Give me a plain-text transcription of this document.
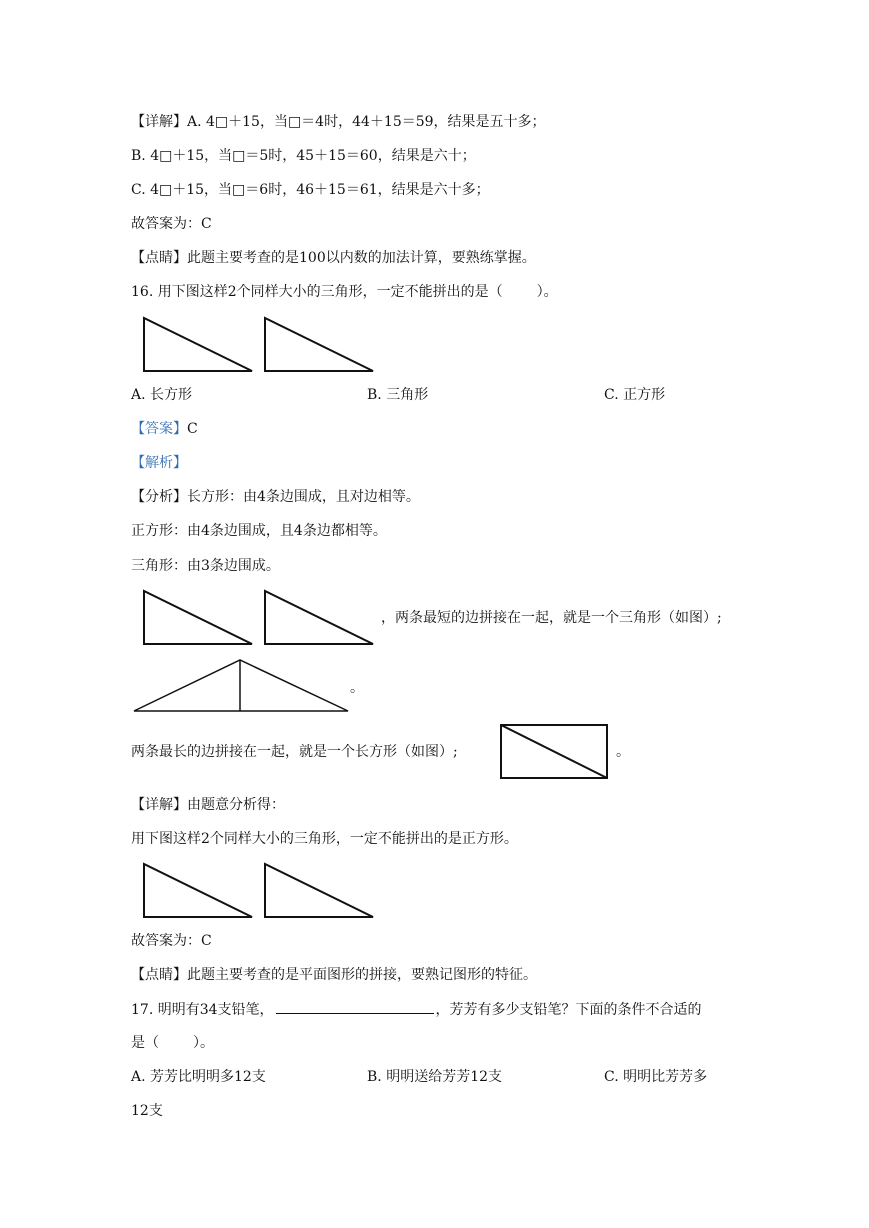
【详解】A. 4□＋15，当□＝4时，44＋15＝59，结果是五十多；
B. 4□＋15，当□＝5时，45＋15＝60，结果是六十；
C. 4□＋15，当□＝6时，46＋15＝61，结果是六十多；
故答案为：C
【点睛】此题主要考查的是100以内数的加法计算，要熟练掌握。
16. 用下图这样2个同样大小的三角形，一定不能拼出的是（ ）。
A. 长方形	B. 三角形	C. 正方形
【答案】C
【解析】
【分析】长方形：由4条边围成，且对边相等。
正方形：由4条边围成，且4条边都相等。
三角形：由3条边围成。
，两条最短的边拼接在一起，就是一个三角形（如图）;
。
两条最长的边拼接在一起，就是一个长方形（如图）;	。
【详解】由题意分析得：
用下图这样2个同样大小的三角形，一定不能拼出的是正方形。
故答案为：C
【点睛】此题主要考查的是平面图形的拼接，要熟记图形的特征。
17. 明明有34支铅笔，	，芳芳有多少支铅笔？下面的条件不合适的
是（ ）。
A. 芳芳比明明多12支	B. 明明送给芳芳12支	C. 明明比芳芳多
12支
